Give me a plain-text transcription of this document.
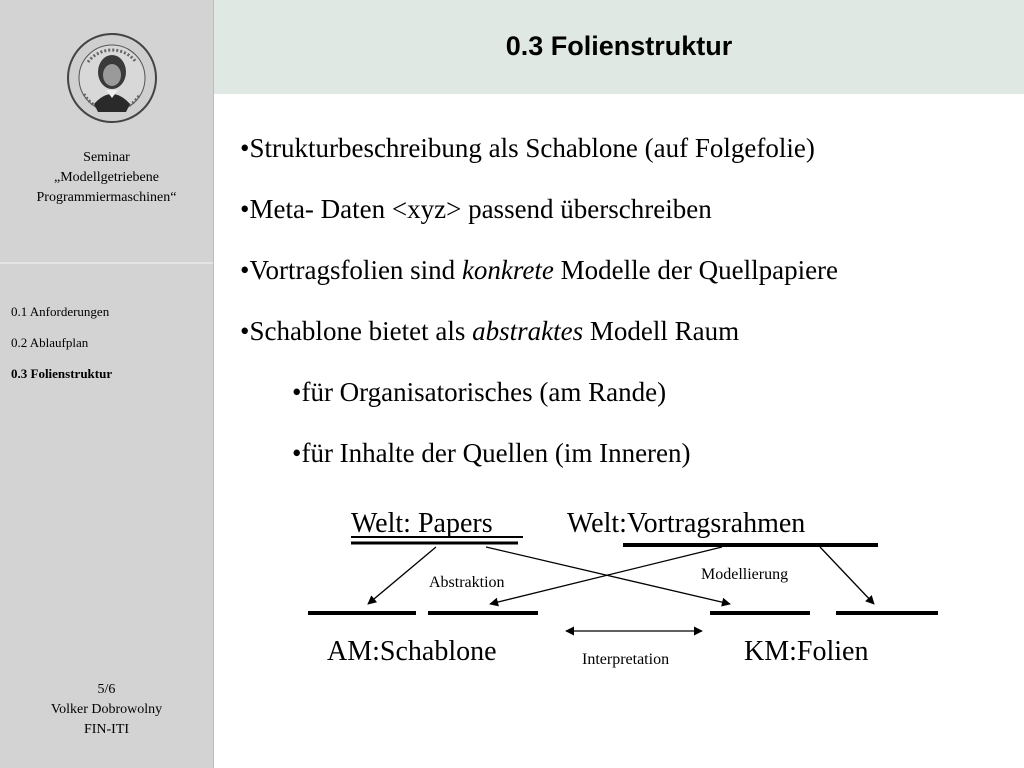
Seminar
„Modellgetriebene
Programmiermaschinen“
0.1 Anforderungen
0.2 Ablaufplan
0.3 Folienstruktur
5/6
Volker Dobrowolny
FIN-ITI
0.3 Folienstruktur
•Strukturbeschreibung als Schablone (auf Folgefolie)
•Meta- Daten <xyz> passend überschreiben
•Vortragsfolien sind konkrete Modelle der Quellpapiere
•Schablone bietet als abstraktes Modell Raum
•für Organisatorisches (am Rande)
•für Inhalte der Quellen (im Inneren)
Welt: Papers	Welt:Vortragsrahmen
Abstraktion	Modellierung
AM:Schablone	KM:Folien
Interpretation
